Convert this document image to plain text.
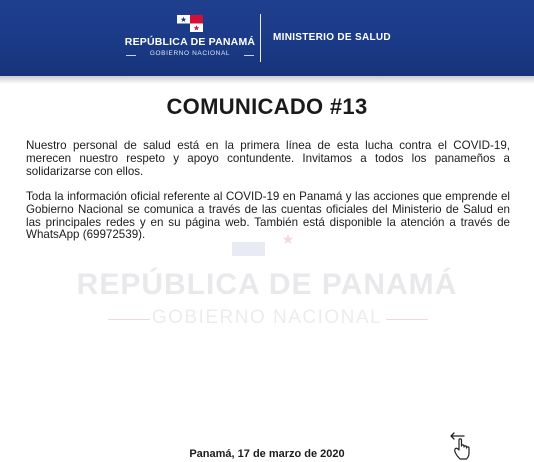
REPÚBLICA DE PANAMÁ
GOBIERNO NACIONAL
MINISTERIO DE SALUD
REPÚBLICA DE PANAMÁ
GOBIERNO NACIONAL
COMUNICADO #13
Nuestro personal de salud está en la primera línea de esta lucha contra el COVID-19, merecen nuestro respeto y apoyo contundente. Invitamos a todos los panameños a solidarizarse con ellos.
Toda la información oficial referente al COVID-19 en Panamá y las acciones que emprende el Gobierno Nacional se comunica a través de las cuentas oficiales del Ministerio de Salud en las principales redes y en su página web. También está disponible la atención a través de WhatsApp (69972539).
Panamá, 17 de marzo de 2020
